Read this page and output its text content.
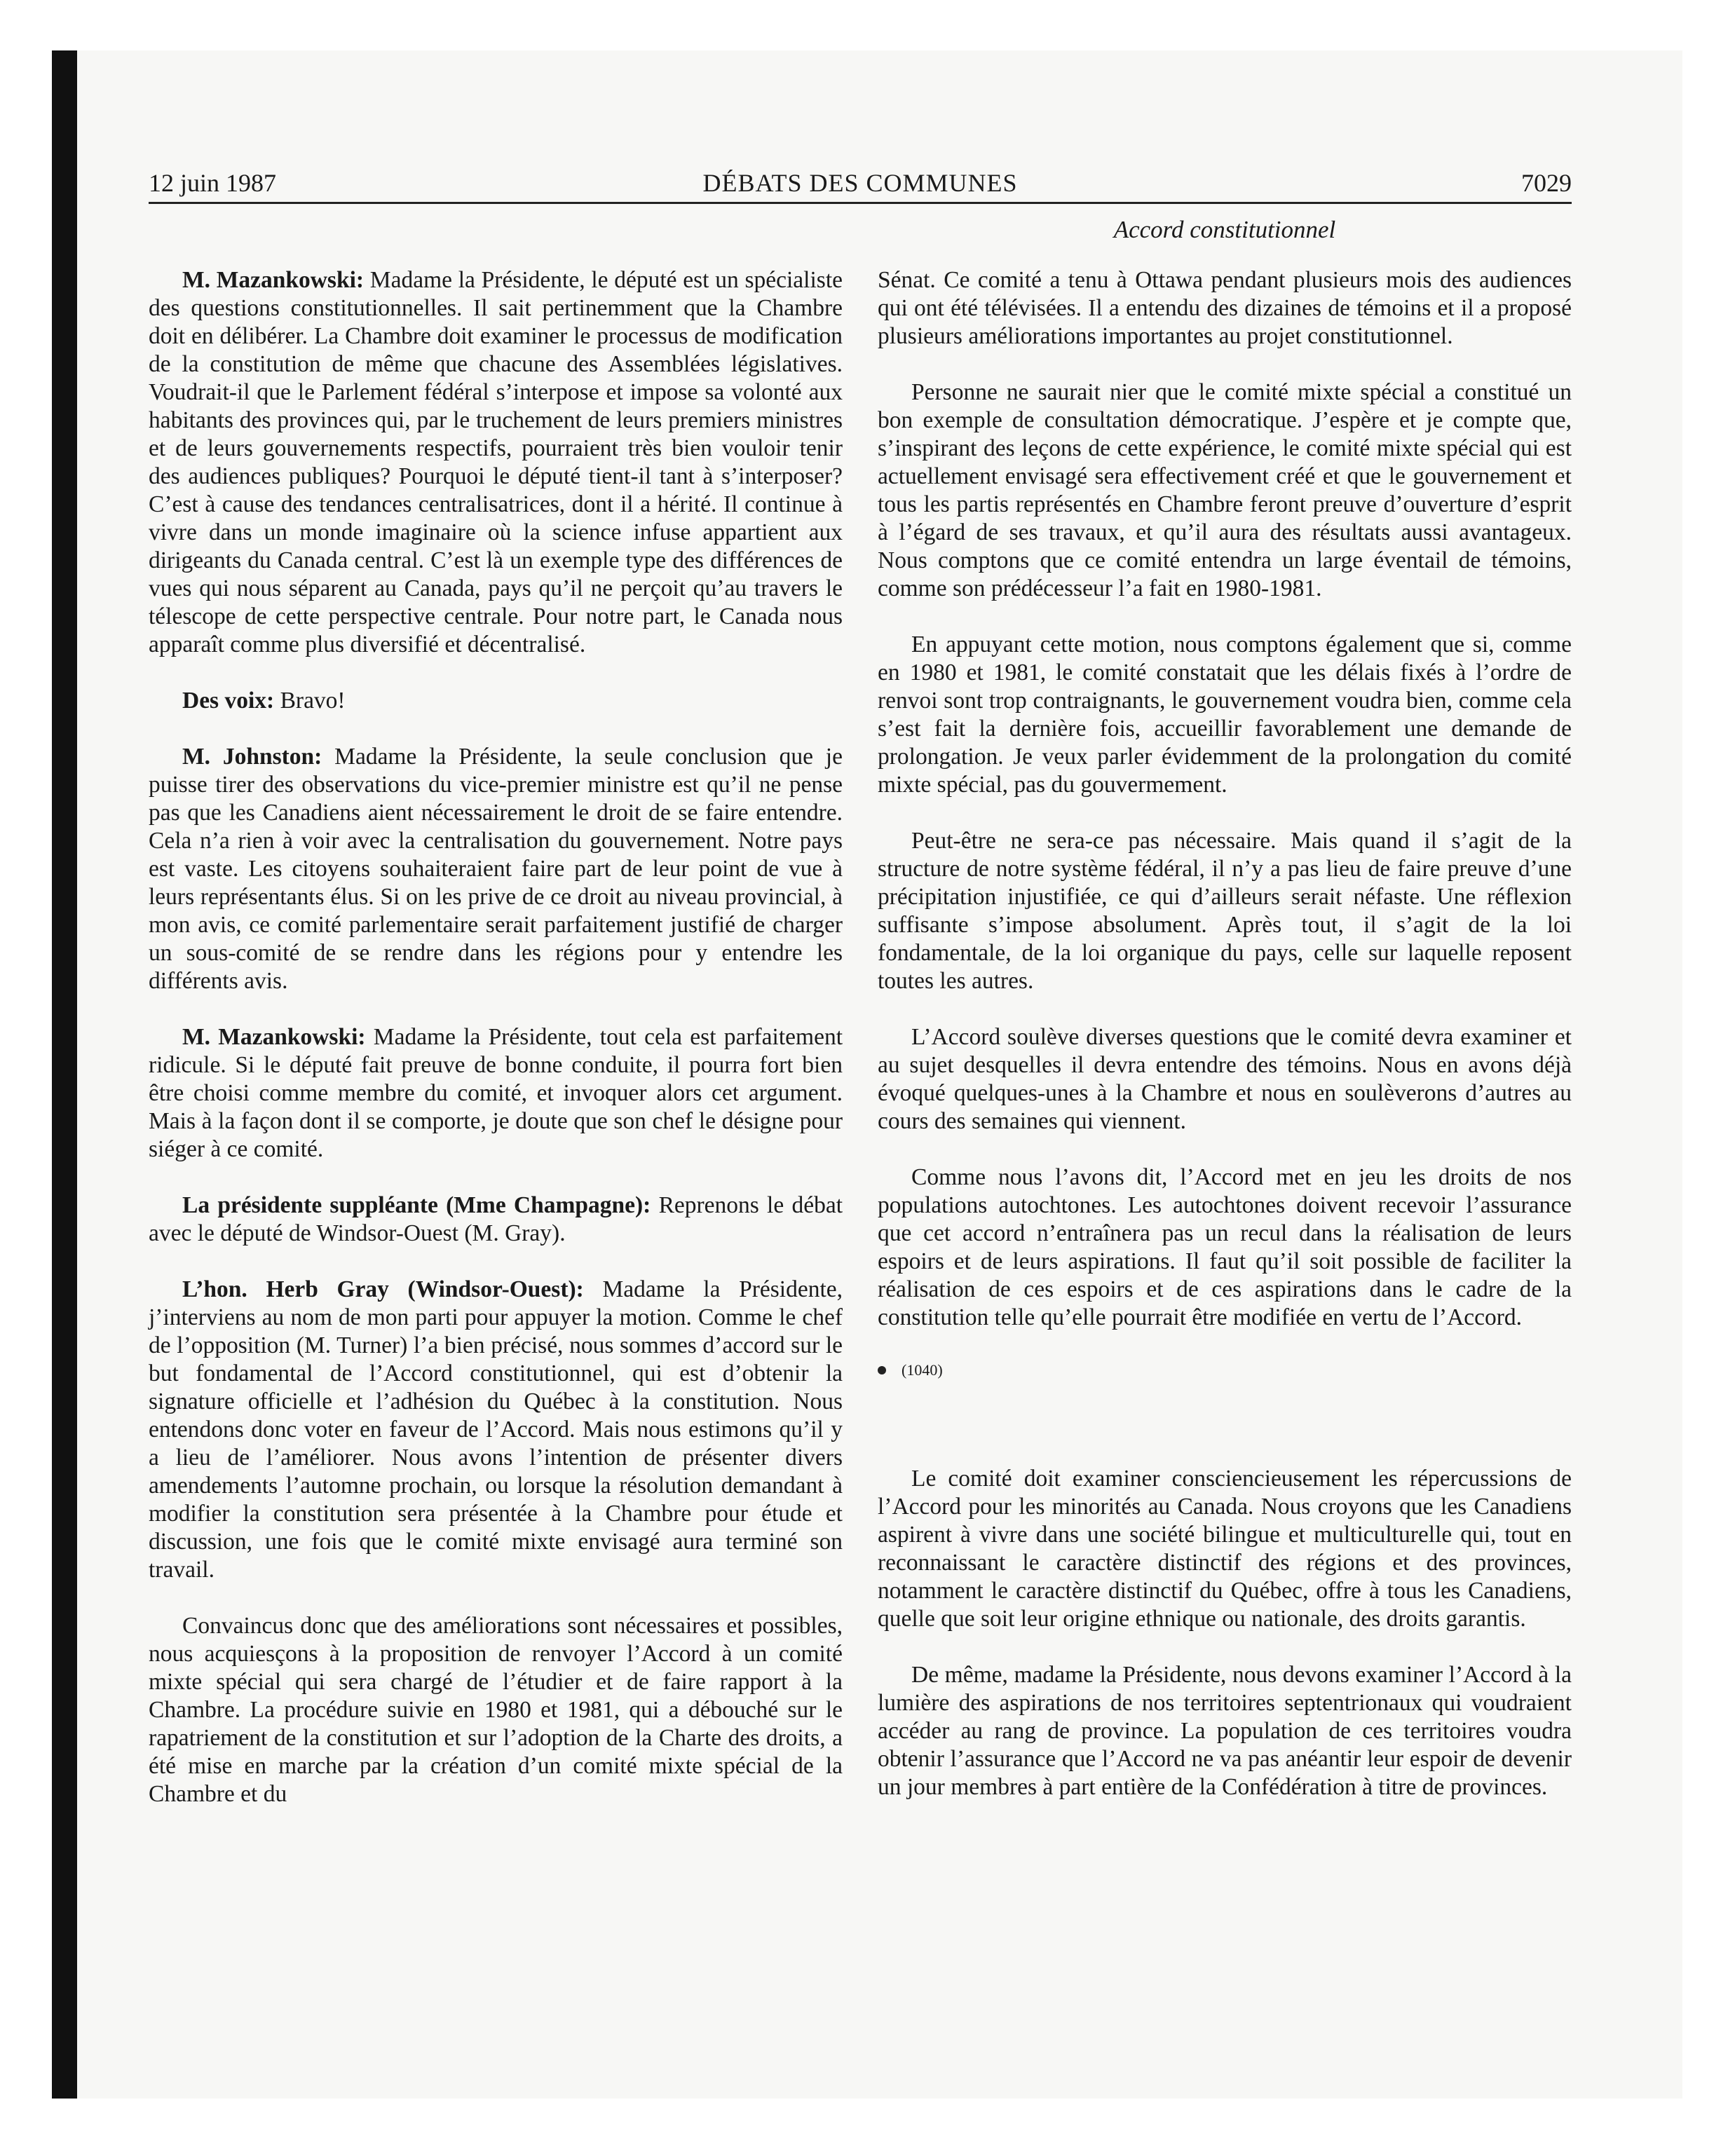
12 juin 1987	DÉBATS DES COMMUNES	7029
Accord constitutionnel

M. Mazankowski: Madame la Présidente, le député est un spécialiste des questions constitutionnelles. Il sait pertinemment que la Chambre doit en délibérer. La Chambre doit examiner le processus de modification de la constitution de même que chacune des Assemblées législatives. Voudrait-il que le Parlement fédéral s’interpose et impose sa volonté aux habitants des provinces qui, par le truchement de leurs premiers ministres et de leurs gouvernements respectifs, pourraient très bien vouloir tenir des audiences publiques? Pourquoi le député tient-il tant à s’interposer? C’est à cause des tendances centralisatrices, dont il a hérité. Il continue à vivre dans un monde imaginaire où la science infuse appartient aux dirigeants du Canada central. C’est là un exemple type des différences de vues qui nous séparent au Canada, pays qu’il ne perçoit qu’au travers le télescope de cette perspective centrale. Pour notre part, le Canada nous apparaît comme plus diversifié et décentralisé.

Des voix: Bravo!

M. Johnston: Madame la Présidente, la seule conclusion que je puisse tirer des observations du vice-premier ministre est qu’il ne pense pas que les Canadiens aient nécessairement le droit de se faire entendre. Cela n’a rien à voir avec la centralisation du gouvernement. Notre pays est vaste. Les citoyens souhaiteraient faire part de leur point de vue à leurs représentants élus. Si on les prive de ce droit au niveau provincial, à mon avis, ce comité parlementaire serait parfaitement justifié de charger un sous-comité de se rendre dans les régions pour y entendre les différents avis.

M. Mazankowski: Madame la Présidente, tout cela est parfaitement ridicule. Si le député fait preuve de bonne conduite, il pourra fort bien être choisi comme membre du comité, et invoquer alors cet argument. Mais à la façon dont il se comporte, je doute que son chef le désigne pour siéger à ce comité.

La présidente suppléante (Mme Champagne): Reprenons le débat avec le député de Windsor-Ouest (M. Gray).

L’hon. Herb Gray (Windsor-Ouest): Madame la Présidente, j’interviens au nom de mon parti pour appuyer la motion. Comme le chef de l’opposition (M. Turner) l’a bien précisé, nous sommes d’accord sur le but fondamental de l’Accord constitutionnel, qui est d’obtenir la signature officielle et l’adhésion du Québec à la constitution. Nous entendons donc voter en faveur de l’Accord. Mais nous estimons qu’il y a lieu de l’améliorer. Nous avons l’intention de présenter divers amendements l’automne prochain, ou lorsque la résolution demandant à modifier la constitution sera présentée à la Chambre pour étude et discussion, une fois que le comité mixte envisagé aura terminé son travail.

Convaincus donc que des améliorations sont nécessaires et possibles, nous acquiesçons à la proposition de renvoyer l’Accord à un comité mixte spécial qui sera chargé de l’étudier et de faire rapport à la Chambre. La procédure suivie en 1980 et 1981, qui a débouché sur le rapatriement de la constitution et sur l’adoption de la Charte des droits, a été mise en marche par la création d’un comité mixte spécial de la Chambre et du

Sénat. Ce comité a tenu à Ottawa pendant plusieurs mois des audiences qui ont été télévisées. Il a entendu des dizaines de témoins et il a proposé plusieurs améliorations importantes au projet constitutionnel.

Personne ne saurait nier que le comité mixte spécial a constitué un bon exemple de consultation démocratique. J’espère et je compte que, s’inspirant des leçons de cette expérience, le comité mixte spécial qui est actuellement envisagé sera effectivement créé et que le gouvernement et tous les partis représentés en Chambre feront preuve d’ouverture d’esprit à l’égard de ses travaux, et qu’il aura des résultats aussi avantageux. Nous comptons que ce comité entendra un large éventail de témoins, comme son prédécesseur l’a fait en 1980-1981.

En appuyant cette motion, nous comptons également que si, comme en 1980 et 1981, le comité constatait que les délais fixés à l’ordre de renvoi sont trop contraignants, le gouvernement voudra bien, comme cela s’est fait la dernière fois, accueillir favorablement une demande de prolongation. Je veux parler évidemment de la prolongation du comité mixte spécial, pas du gouvermement.

Peut-être ne sera-ce pas nécessaire. Mais quand il s’agit de la structure de notre système fédéral, il n’y a pas lieu de faire preuve d’une précipitation injustifiée, ce qui d’ailleurs serait néfaste. Une réflexion suffisante s’impose absolument. Après tout, il s’agit de la loi fondamentale, de la loi organique du pays, celle sur laquelle reposent toutes les autres.

L’Accord soulève diverses questions que le comité devra examiner et au sujet desquelles il devra entendre des témoins. Nous en avons déjà évoqué quelques-unes à la Chambre et nous en soulèverons d’autres au cours des semaines qui viennent.

Comme nous l’avons dit, l’Accord met en jeu les droits de nos populations autochtones. Les autochtones doivent recevoir l’assurance que cet accord n’entraînera pas un recul dans la réalisation de leurs espoirs et de leurs aspirations. Il faut qu’il soit possible de faciliter la réalisation de ces espoirs et de ces aspirations dans le cadre de la constitution telle qu’elle pourrait être modifiée en vertu de l’Accord.

(1040)

Le comité doit examiner consciencieusement les répercussions de l’Accord pour les minorités au Canada. Nous croyons que les Canadiens aspirent à vivre dans une société bilingue et multiculturelle qui, tout en reconnaissant le caractère distinctif des régions et des provinces, notamment le caractère distinctif du Québec, offre à tous les Canadiens, quelle que soit leur origine ethnique ou nationale, des droits garantis.

De même, madame la Présidente, nous devons examiner l’Accord à la lumière des aspirations de nos territoires septentrionaux qui voudraient accéder au rang de province. La population de ces territoires voudra obtenir l’assurance que l’Accord ne va pas anéantir leur espoir de devenir un jour membres à part entière de la Confédération à titre de provinces.
